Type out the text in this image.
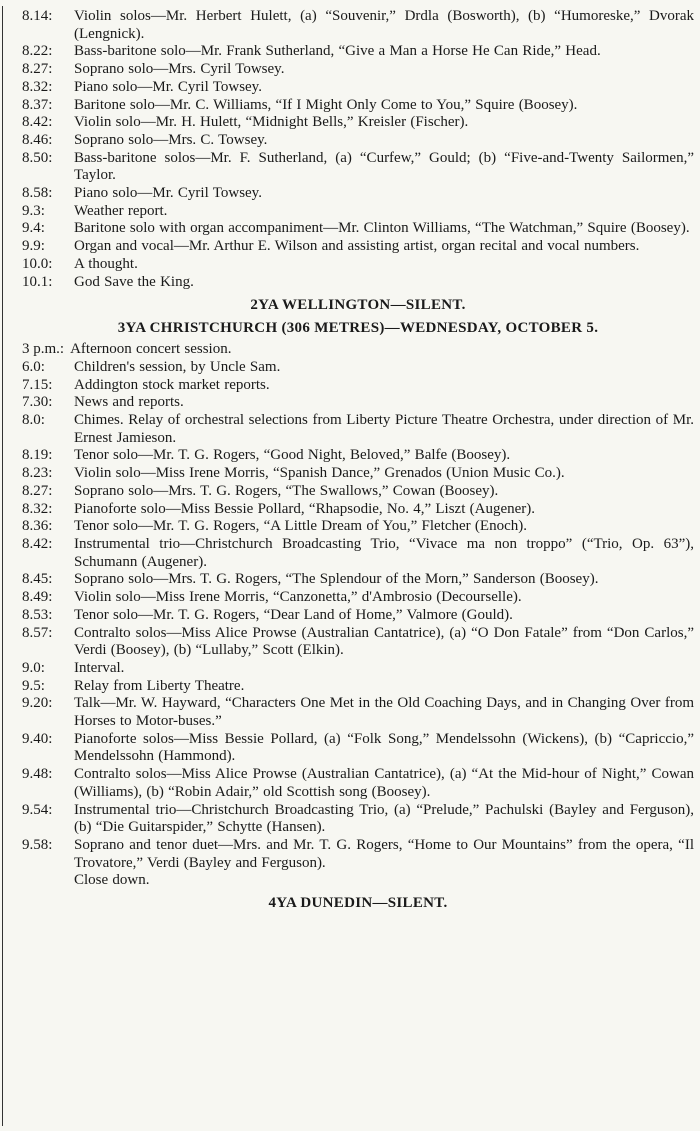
8.14:	Violin solos—Mr. Herbert Hulett, (a) “Souvenir,” Drdla (Bosworth), (b) “Humoreske,” Dvorak (Lengnick).
8.22:	Bass-baritone solo—Mr. Frank Sutherland, “Give a Man a Horse He Can Ride,” Head.
8.27:	Soprano solo—Mrs. Cyril Towsey.
8.32:	Piano solo—Mr. Cyril Towsey.
8.37:	Baritone solo—Mr. C. Williams, “If I Might Only Come to You,” Squire (Boosey).
8.42:	Violin solo—Mr. H. Hulett, “Midnight Bells,” Kreisler (Fischer).
8.46:	Soprano solo—Mrs. C. Towsey.
8.50:	Bass-baritone solos—Mr. F. Sutherland, (a) “Curfew,” Gould; (b) “Five-and-Twenty Sailormen,” Taylor.
8.58:	Piano solo—Mr. Cyril Towsey.
9.3:	Weather report.
9.4:	Baritone solo with organ accompaniment—Mr. Clinton Williams, “The Watchman,” Squire (Boosey).
9.9:	Organ and vocal—Mr. Arthur E. Wilson and assisting artist, organ recital and vocal numbers.
10.0:	A thought.
10.1:	God Save the King.
2YA WELLINGTON—SILENT.
3YA CHRISTCHURCH (306 METRES)—WEDNESDAY, OCTOBER 5.
3 p.m.: Afternoon concert session.
6.0:	Children's session, by Uncle Sam.
7.15:	Addington stock market reports.
7.30:	News and reports.
8.0:	Chimes. Relay of orchestral selections from Liberty Picture Theatre Orchestra, under direction of Mr. Ernest Jamieson.
8.19:	Tenor solo—Mr. T. G. Rogers, “Good Night, Beloved,” Balfe (Boosey).
8.23:	Violin solo—Miss Irene Morris, “Spanish Dance,” Grenados (Union Music Co.).
8.27:	Soprano solo—Mrs. T. G. Rogers, “The Swallows,” Cowan (Boosey).
8.32:	Pianoforte solo—Miss Bessie Pollard, “Rhapsodie, No. 4,” Liszt (Augener).
8.36:	Tenor solo—Mr. T. G. Rogers, “A Little Dream of You,” Fletcher (Enoch).
8.42:	Instrumental trio—Christchurch Broadcasting Trio, “Vivace ma non troppo” (“Trio, Op. 63”), Schumann (Augener).
8.45:	Soprano solo—Mrs. T. G. Rogers, “The Splendour of the Morn,” Sanderson (Boosey).
8.49:	Violin solo—Miss Irene Morris, “Canzonetta,” d'Ambrosio (Decourselle).
8.53:	Tenor solo—Mr. T. G. Rogers, “Dear Land of Home,” Valmore (Gould).
8.57:	Contralto solos—Miss Alice Prowse (Australian Cantatrice), (a) “O Don Fatale” from “Don Carlos,” Verdi (Boosey), (b) “Lullaby,” Scott (Elkin).
9.0:	Interval.
9.5:	Relay from Liberty Theatre.
9.20:	Talk—Mr. W. Hayward, “Characters One Met in the Old Coaching Days, and in Changing Over from Horses to Motor-buses.”
9.40:	Pianoforte solos—Miss Bessie Pollard, (a) “Folk Song,” Mendelssohn (Wickens), (b) “Capriccio,” Mendelssohn (Hammond).
9.48:	Contralto solos—Miss Alice Prowse (Australian Cantatrice), (a) “At the Mid-hour of Night,” Cowan (Williams), (b) “Robin Adair,” old Scottish song (Boosey).
9.54:	Instrumental trio—Christchurch Broadcasting Trio, (a) “Prelude,” Pachulski (Bayley and Ferguson), (b) “Die Guitarspider,” Schytte (Hansen).
9.58:	Soprano and tenor duet—Mrs. and Mr. T. G. Rogers, “Home to Our Mountains” from the opera, “Il Trovatore,” Verdi (Bayley and Ferguson).
Close down.
4YA DUNEDIN—SILENT.
